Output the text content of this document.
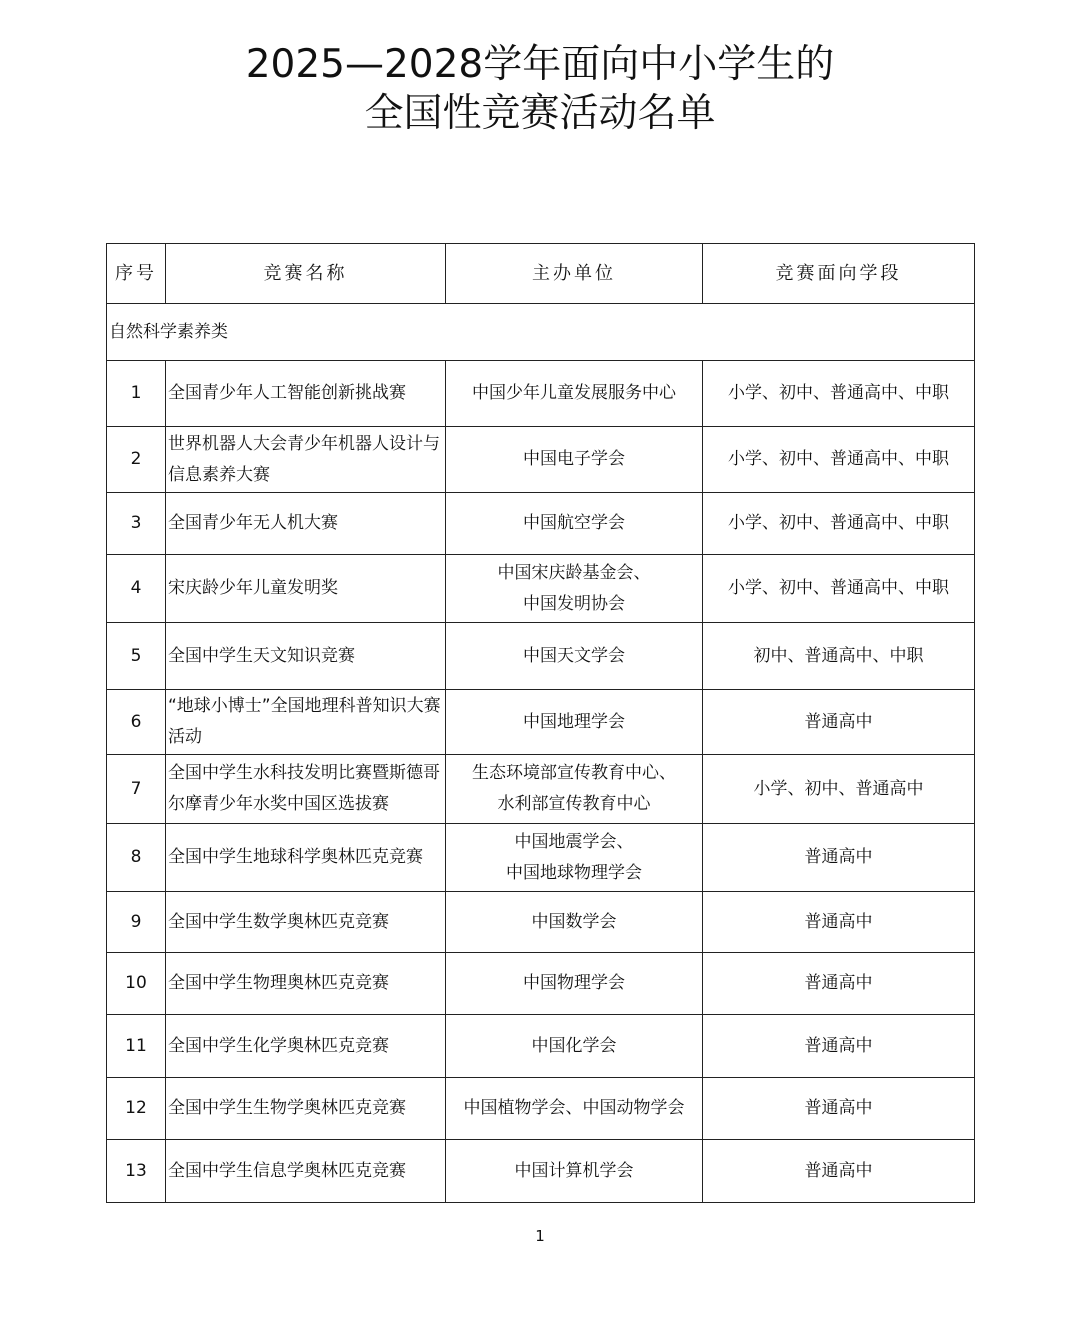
2025—2028学年面向中小学生的
全国性竞赛活动名单
序号	竞赛名称	主办单位	竞赛面向学段
自然科学素养类			
1	全国青少年人工智能创新挑战赛	中国少年儿童发展服务中心	小学、初中、普通高中、中职
2	世界机器人大会青少年机器人设计与信息素养大赛	中国电子学会	小学、初中、普通高中、中职
3	全国青少年无人机大赛	中国航空学会	小学、初中、普通高中、中职
4	宋庆龄少年儿童发明奖	中国宋庆龄基金会、
中国发明协会	小学、初中、普通高中、中职
5	全国中学生天文知识竞赛	中国天文学会	初中、普通高中、中职
6	“地球小博士”全国地理科普知识大赛活动	中国地理学会	普通高中
7	全国中学生水科技发明比赛暨斯德哥尔摩青少年水奖中国区选拔赛	生态环境部宣传教育中心、
水利部宣传教育中心	小学、初中、普通高中
8	全国中学生地球科学奥林匹克竞赛	中国地震学会、
中国地球物理学会	普通高中
9	全国中学生数学奥林匹克竞赛	中国数学会	普通高中
10	全国中学生物理奥林匹克竞赛	中国物理学会	普通高中
11	全国中学生化学奥林匹克竞赛	中国化学会	普通高中
12	全国中学生生物学奥林匹克竞赛	中国植物学会、中国动物学会	普通高中
13	全国中学生信息学奥林匹克竞赛	中国计算机学会	普通高中
1
